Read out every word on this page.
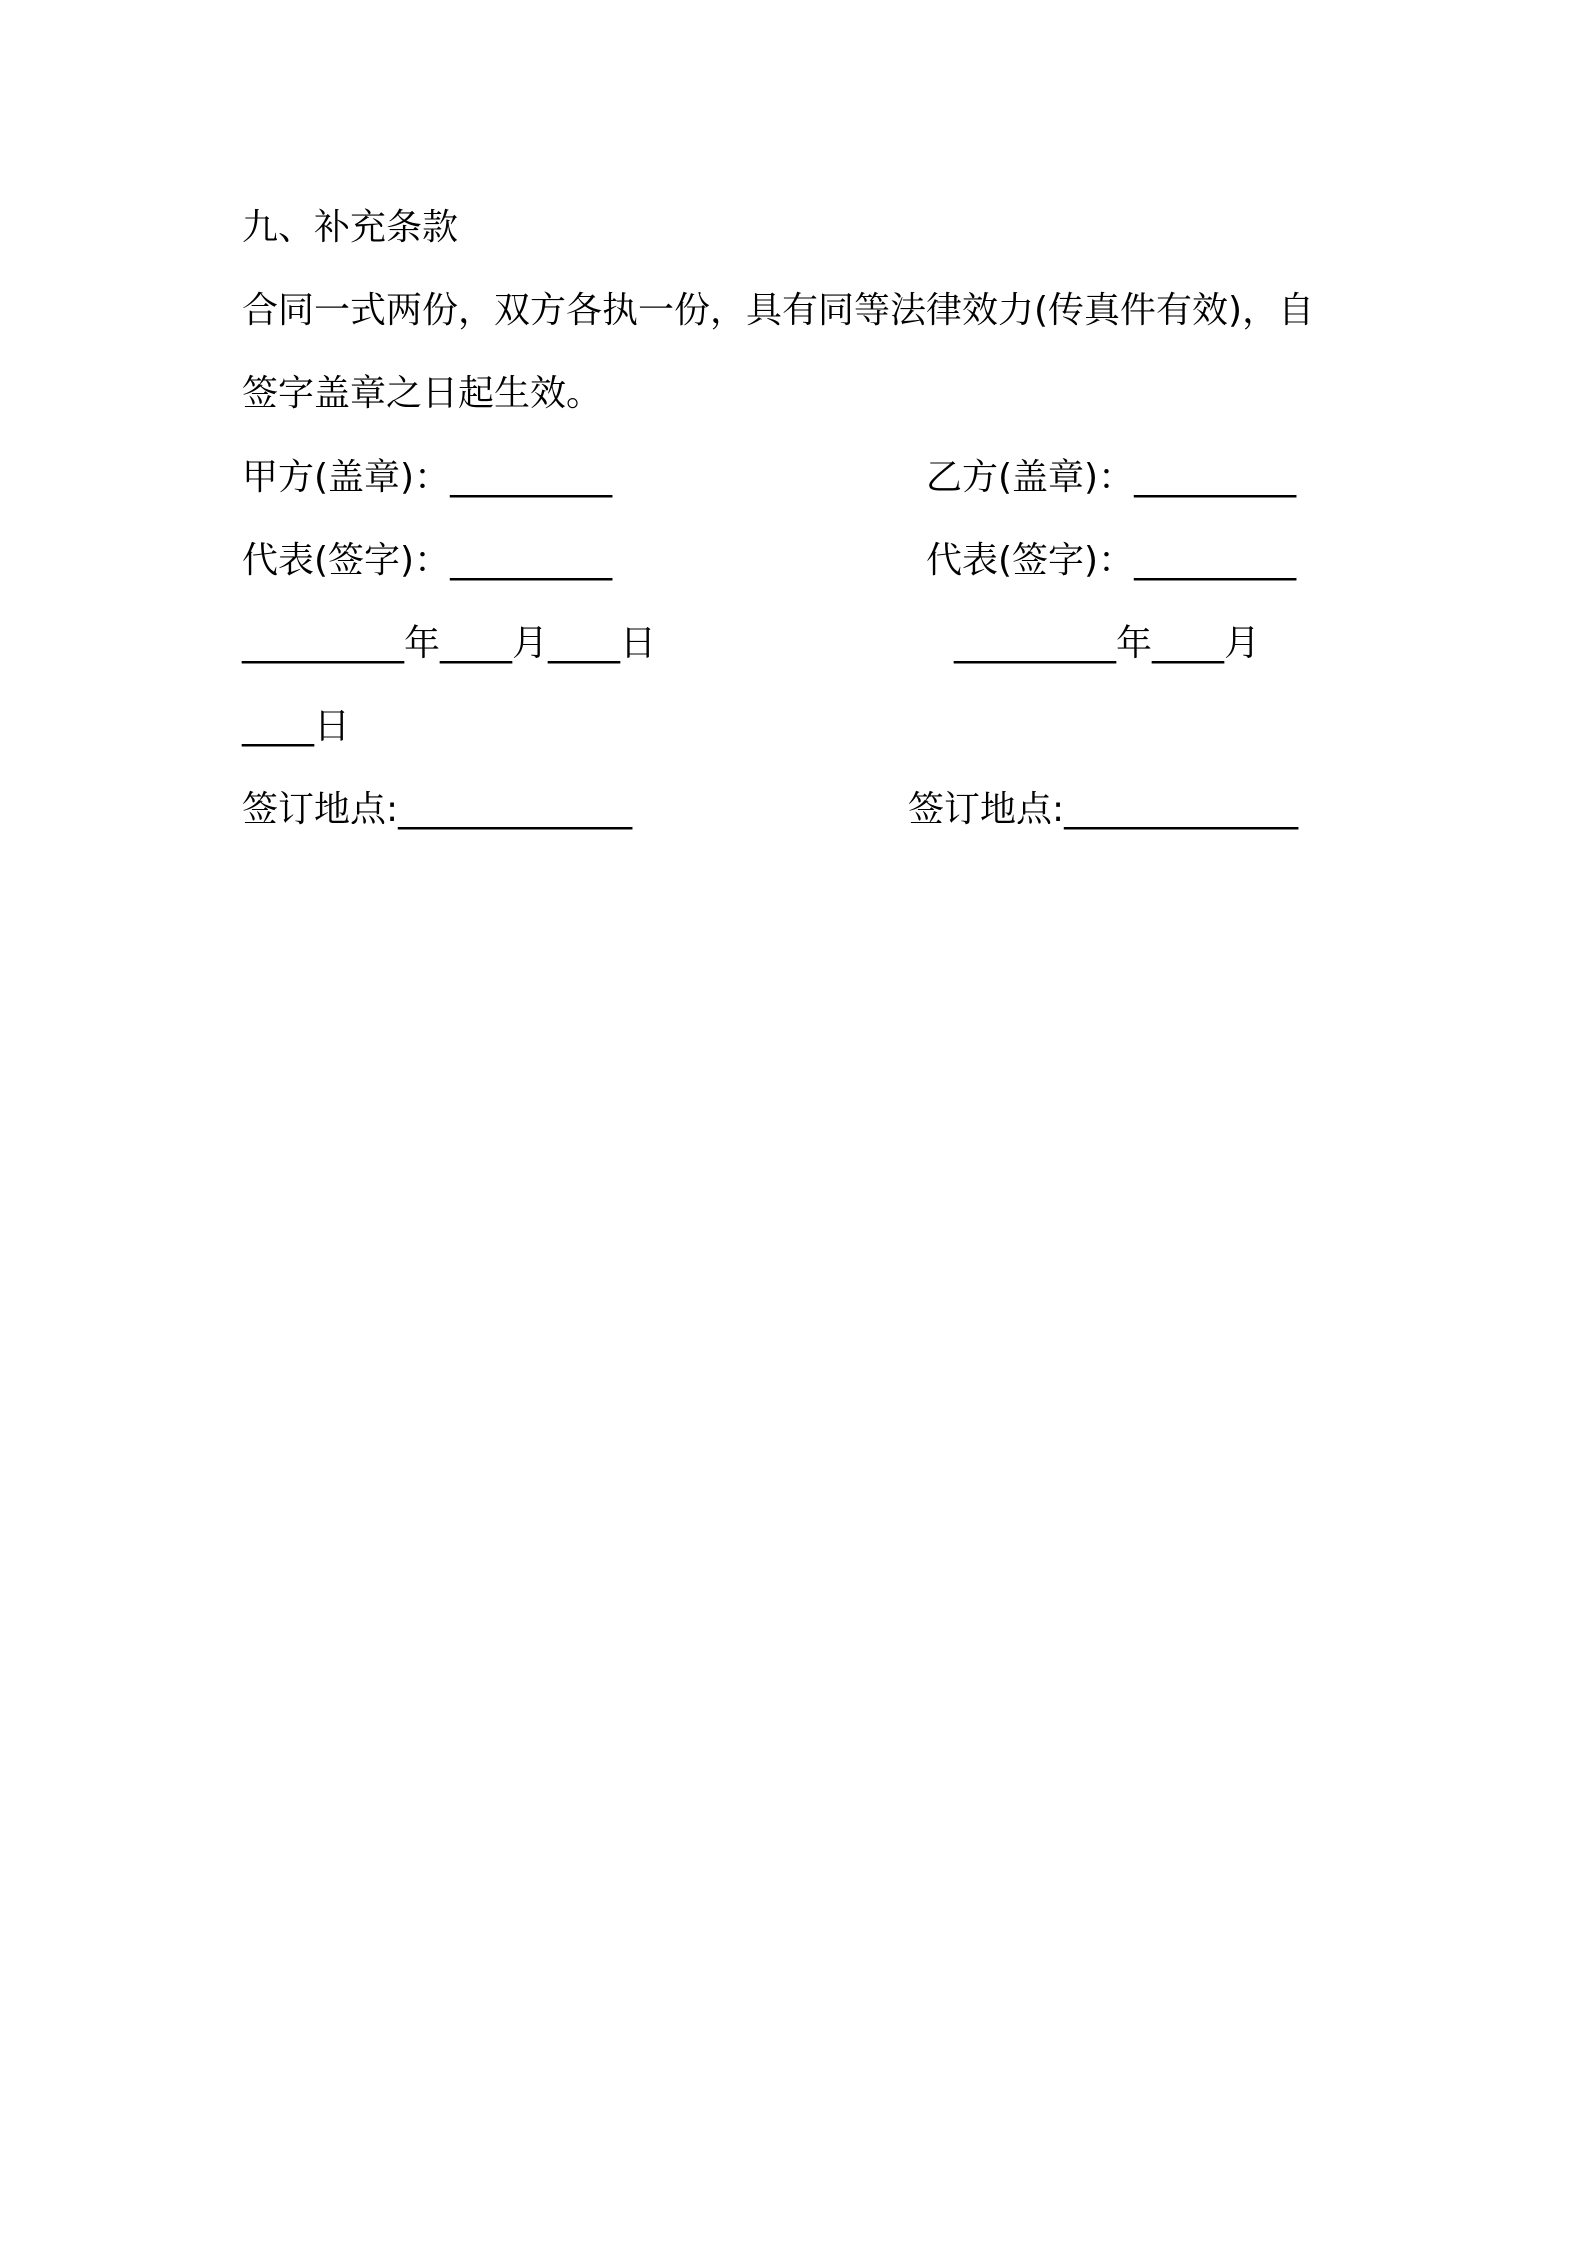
九、补充条款
合同一式两份，双方各执一份，具有同等法律效力(传真件有效)，自
签字盖章之日起生效。
甲方(盖章)：_________	乙方(盖章)：_________
代表(签字)：_________	代表(签字)：_________
_________年____月____日	_________年____月
____日
签订地点:_____________	签订地点:_____________
